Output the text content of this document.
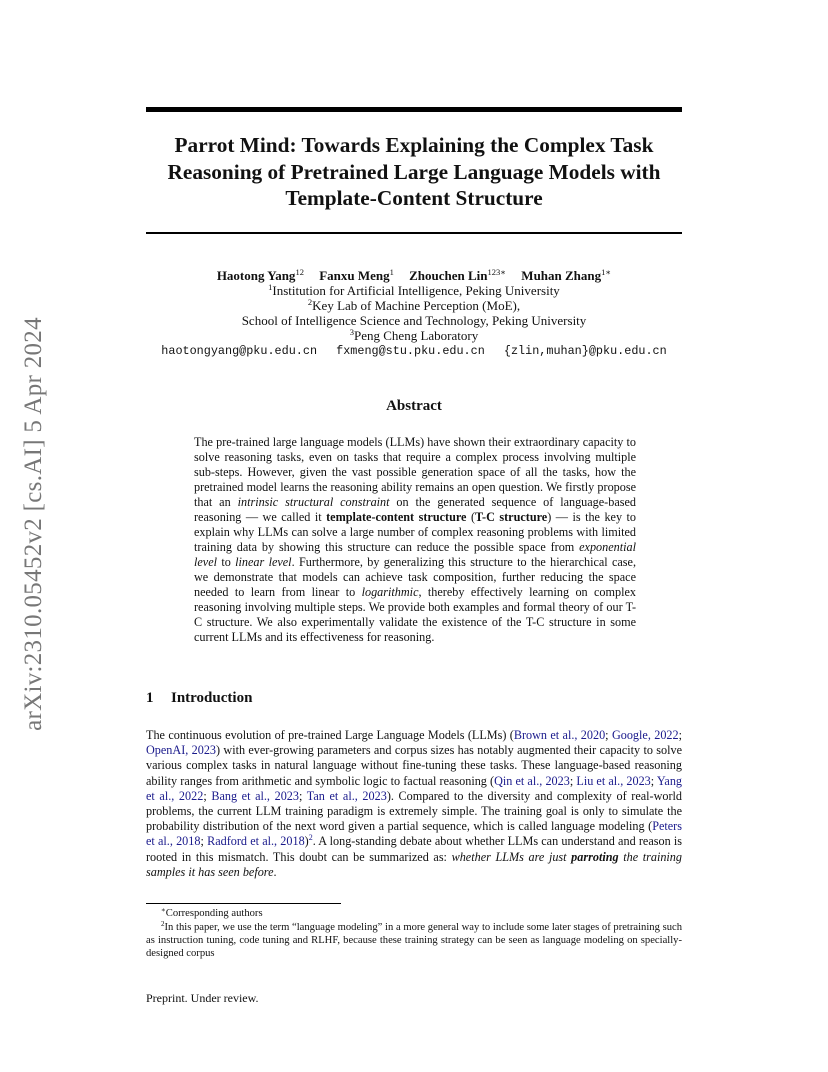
arXiv:2310.05452v2 [cs.AI] 5 Apr 2024
Parrot Mind: Towards Explaining the Complex Task
Reasoning of Pretrained Large Language Models with
Template-Content Structure
Haotong Yang$^{12}$ Fanxu Meng$^1$ Zhouchen Lin$^{123∗}$ Muhan Zhang$^{1∗}$
$^1$Institution for Artificial Intelligence, Peking University
$^2$Key Lab of Machine Perception (MoE),
School of Intelligence Science and Technology, Peking University
$^3$Peng Cheng Laboratory
haotongyang@pku.edu.cn fxmeng@stu.pku.edu.cn {zlin,muhan}@pku.edu.cn
Abstract

The pre-trained large language models (LLMs) have shown their extraordinary capacity to solve reasoning tasks, even on tasks that require a complex process involving multiple sub-steps. However, given the vast possible generation space of all the tasks, how the pretrained model learns the reasoning ability remains an open question. We firstly propose that an intrinsic structural constraint on the generated sequence of language-based reasoning — we called it template-content structure (T-C structure) — is the key to explain why LLMs can solve a large number of complex reasoning problems with limited training data by showing this structure can reduce the possible space from exponential level to linear level. Furthermore, by generalizing this structure to the hierarchical case, we demonstrate that models can achieve task composition, further reducing the space needed to learn from linear to logarithmic, thereby effectively learning on complex reasoning involving multiple steps. We provide both examples and formal theory of our T-C structure. We also experimentally validate the existence of the T-C structure in some current LLMs and its effectiveness for reasoning.

1 Introduction

The continuous evolution of pre-trained Large Language Models (LLMs) (Brown et al., 2020; Google, 2022; OpenAI, 2023) with ever-growing parameters and corpus sizes has notably augmented their capacity to solve various complex tasks in natural language without fine-tuning these tasks. These language-based reasoning ability ranges from arithmetic and symbolic logic to factual reasoning (Qin et al., 2023; Liu et al., 2023; Yang et al., 2022; Bang et al., 2023; Tan et al., 2023). Compared to the diversity and complexity of real-world problems, the current LLM training paradigm is extremely simple. The training goal is only to simulate the probability distribution of the next word given a partial sequence, which is called language modeling (Peters et al., 2018; Radford et al., 2018)$^2$. A long-standing debate about whether LLMs can understand and reason is rooted in this mismatch. This doubt can be summarized as: whether LLMs are just parroting the training samples it has seen before.

∗Corresponding authors
$^2$In this paper, we use the term “language modeling” in a more general way to include some later stages of pretraining such as instruction tuning, code tuning and RLHF, because these training strategy can be seen as language modeling on specially-designed corpus
Preprint. Under review.
